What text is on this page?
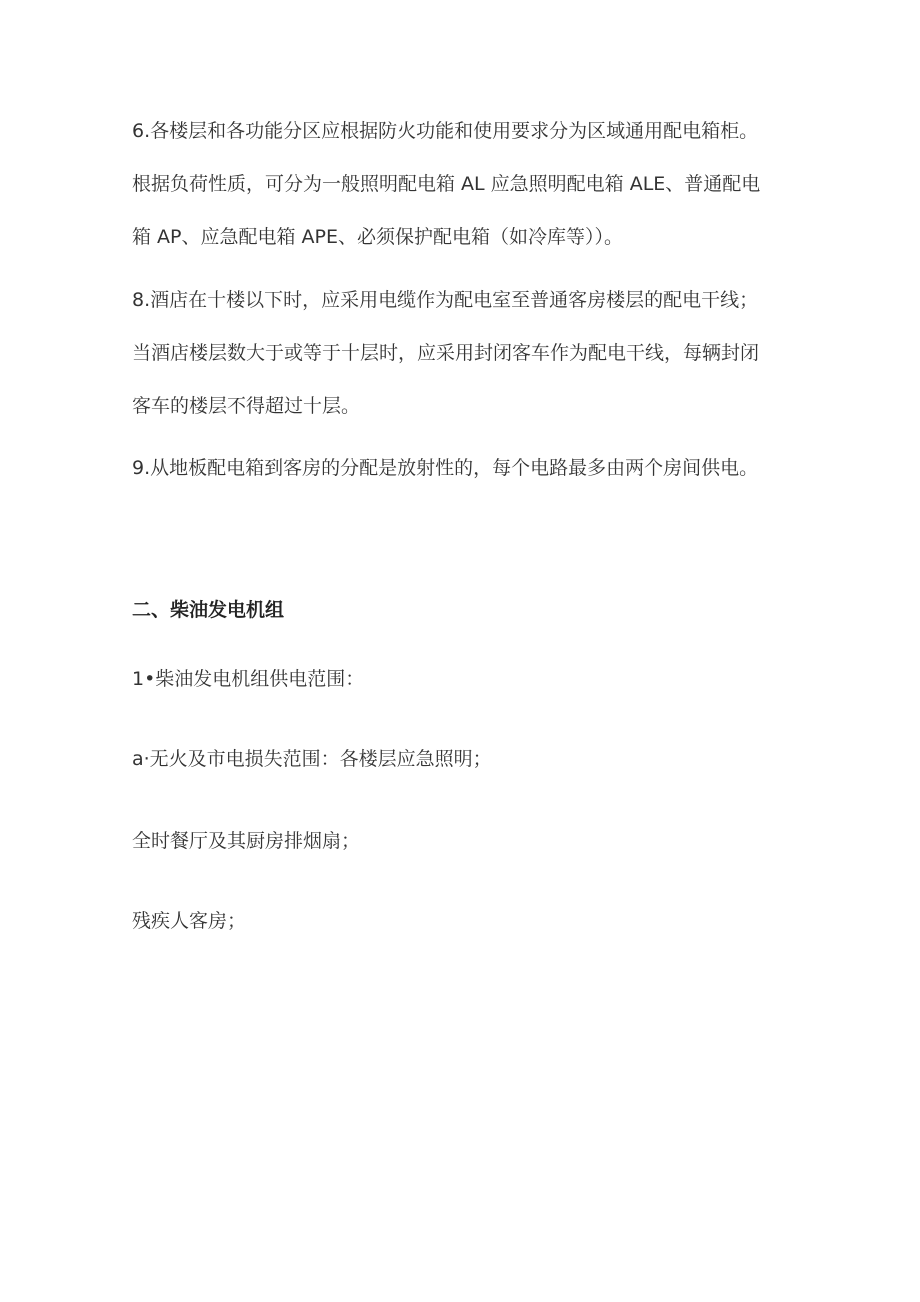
6.各楼层和各功能分区应根据防火功能和使用要求分为区域通用配电箱柜。
根据负荷性质，可分为一般照明配电箱 AL 应急照明配电箱 ALE、普通配电
箱 AP、应急配电箱 APE、必须保护配电箱（如冷库等））。

8.酒店在十楼以下时，应采用电缆作为配电室至普通客房楼层的配电干线；
当酒店楼层数大于或等于十层时，应采用封闭客车作为配电干线，每辆封闭
客车的楼层不得超过十层。

9.从地板配电箱到客房的分配是放射性的，每个电路最多由两个房间供电。

二、柴油发电机组

1•柴油发电机组供电范围：

a·无火及市电损失范围：各楼层应急照明；

全时餐厅及其厨房排烟扇；

残疾人客房；
